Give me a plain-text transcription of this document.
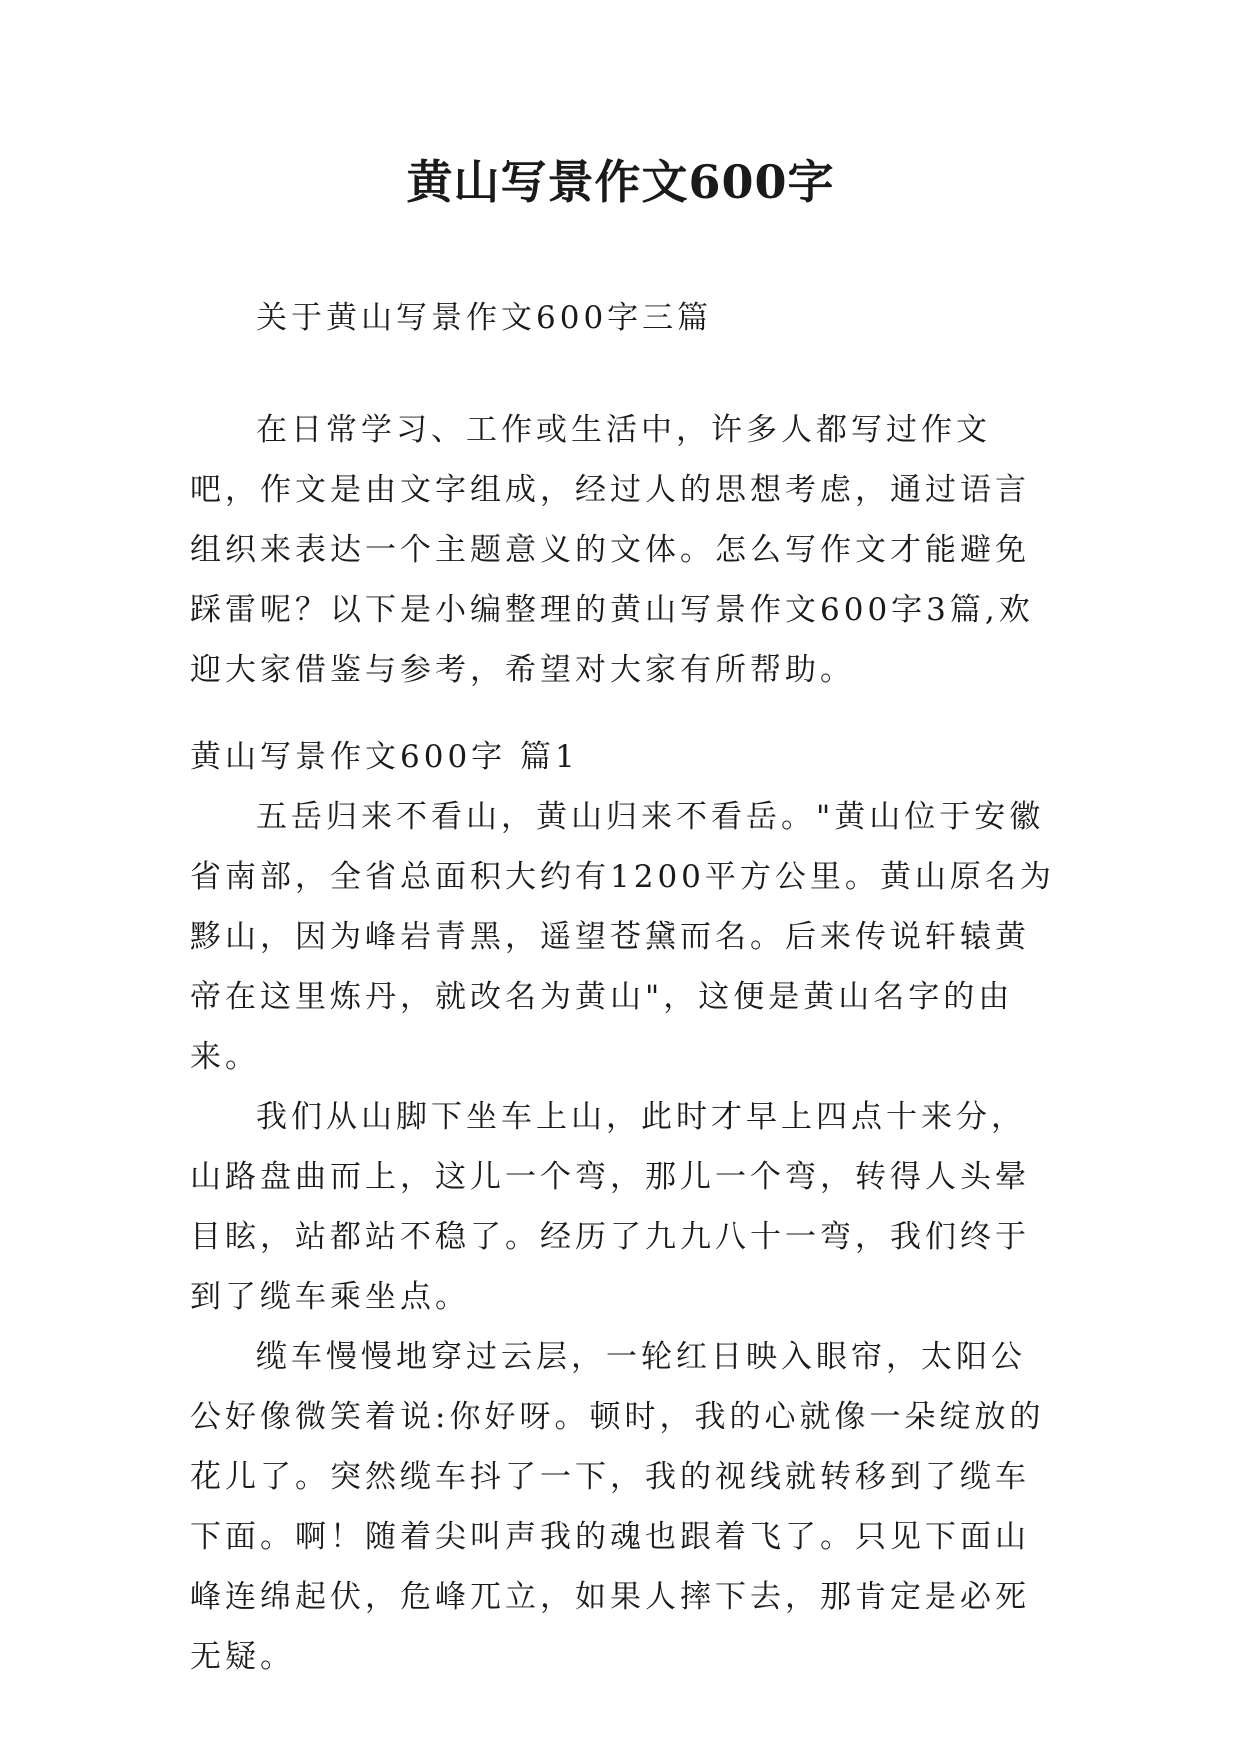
黄山写景作文600字

关于黄山写景作文600字三篇

在日常学习、工作或生活中，许多人都写过作文吧，作文是由文字组成，经过人的思想考虑，通过语言组织来表达一个主题意义的文体。怎么写作文才能避免踩雷呢？以下是小编整理的黄山写景作文600字3篇,欢迎大家借鉴与参考，希望对大家有所帮助。

黄山写景作文600字 篇1

五岳归来不看山，黄山归来不看岳。"黄山位于安徽省南部，全省总面积大约有1200平方公里。黄山原名为黟山，因为峰岩青黑，遥望苍黛而名。后来传说轩辕黄帝在这里炼丹，就改名为黄山"，这便是黄山名字的由来。

我们从山脚下坐车上山，此时才早上四点十来分，山路盘曲而上，这儿一个弯，那儿一个弯，转得人头晕目眩，站都站不稳了。经历了九九八十一弯，我们终于到了缆车乘坐点。

缆车慢慢地穿过云层，一轮红日映入眼帘，太阳公公好像微笑着说:你好呀。顿时，我的心就像一朵绽放的花儿了。突然缆车抖了一下，我的视线就转移到了缆车下面。啊！随着尖叫声我的魂也跟着飞了。只见下面山峰连绵起伏，危峰兀立，如果人摔下去，那肯定是必死无疑。
